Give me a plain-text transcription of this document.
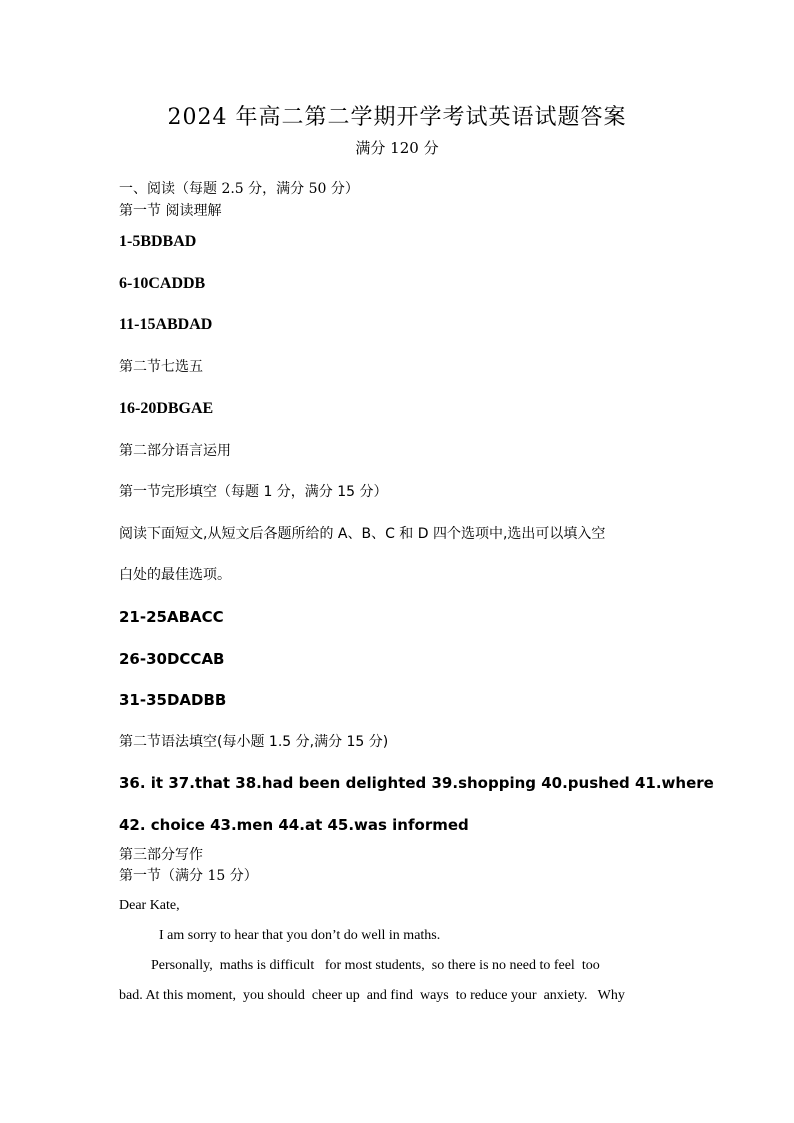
2024 年高二第二学期开学考试英语试题答案
满分 120 分
一、阅读（每题 2.5 分，满分 50 分）
第一节 阅读理解
1-5BDBAD
6-10CADDB
11-15ABDAD
第二节七选五
16-20DBGAE
第二部分语言运用
第一节完形填空（每题 1 分，满分 15 分）
阅读下面短文,从短文后各题所给的 A、B、C 和 D 四个选项中,选出可以填入空
白处的最佳选项。
21-25ABACC
26-30DCCAB
31-35DADBB
第二节语法填空(每小题 1.5 分,满分 15 分)
36. it 37.that 38.had been delighted 39.shopping 40.pushed 41.where
42. choice 43.men 44.at 45.was informed
第三部分写作
第一节（满分 15 分）
Dear Kate,
I am sorry to hear that you don’t do well in maths.
Personally,  maths is difficult   for most students,  so there is no need to feel  too
bad. At this moment,  you should  cheer up  and find  ways  to reduce your  anxiety.   Why
